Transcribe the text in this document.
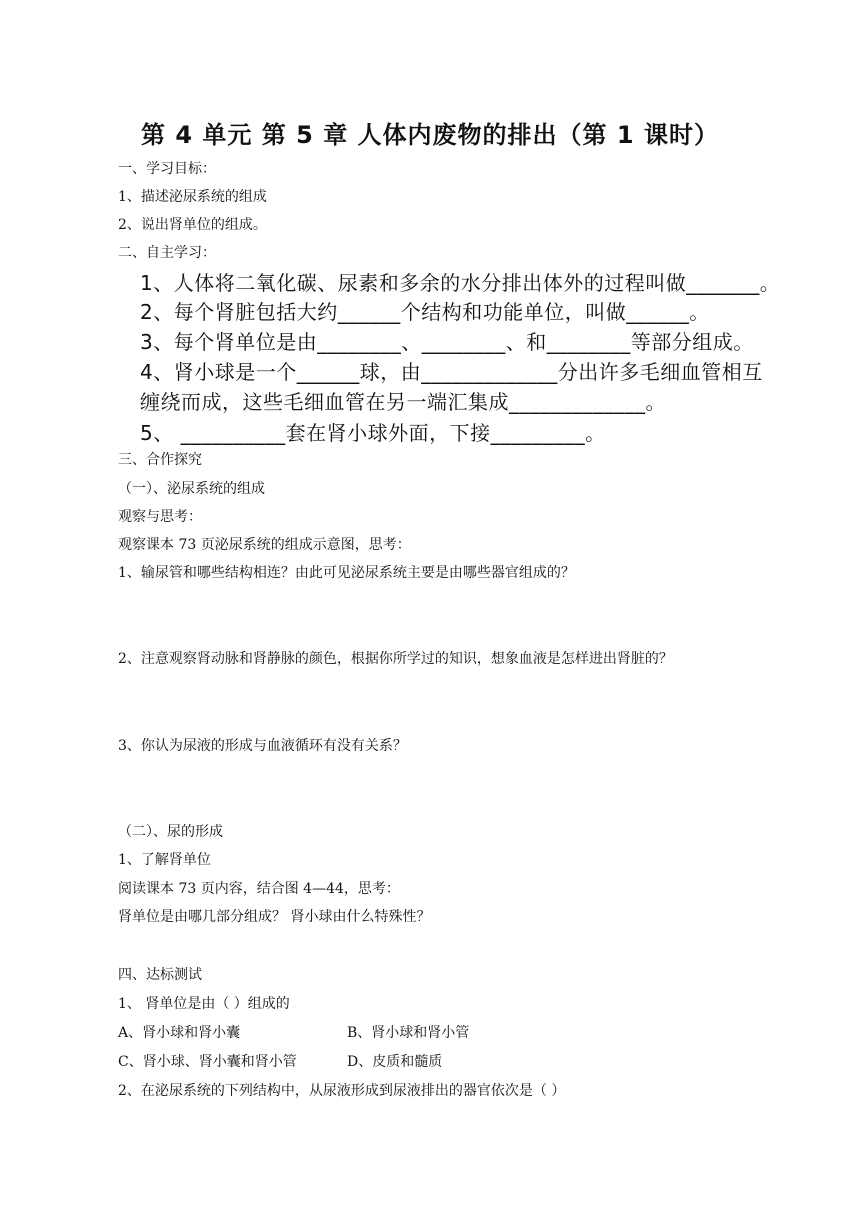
第 4 单元 第 5 章 人体内废物的排出（第 1 课时）
一、学习目标：
1、描述泌尿系统的组成
2、说出肾单位的组成。
二、自主学习：
1、人体将二氧化碳、尿素和多余的水分排出体外的过程叫做_______。
2、每个肾脏包括大约______个结构和功能单位，叫做______。
3、每个肾单位是由________、________、和________等部分组成。
4、肾小球是一个______球，由_____________分出许多毛细血管相互
缠绕而成，这些毛细血管在另一端汇集成_____________。
5、 __________套在肾小球外面，下接_________。
三、合作探究
（一）、泌尿系统的组成
观察与思考：
观察课本 73 页泌尿系统的组成示意图，思考：
1、输尿管和哪些结构相连？由此可见泌尿系统主要是由哪些器官组成的？
2、注意观察肾动脉和肾静脉的颜色，根据你所学过的知识，想象血液是怎样进出肾脏的？
3、你认为尿液的形成与血液循环有没有关系？
（二）、尿的形成
1、了解肾单位
阅读课本 73 页内容，结合图 4—44，思考：
肾单位是由哪几部分组成？ 肾小球由什么特殊性？
四、达标测试
1、 肾单位是由（ ）组成的
A、肾小球和肾小囊	B、肾小球和肾小管
C、肾小球、肾小囊和肾小管	D、皮质和髓质
2、在泌尿系统的下列结构中，从尿液形成到尿液排出的器官依次是（ ）
